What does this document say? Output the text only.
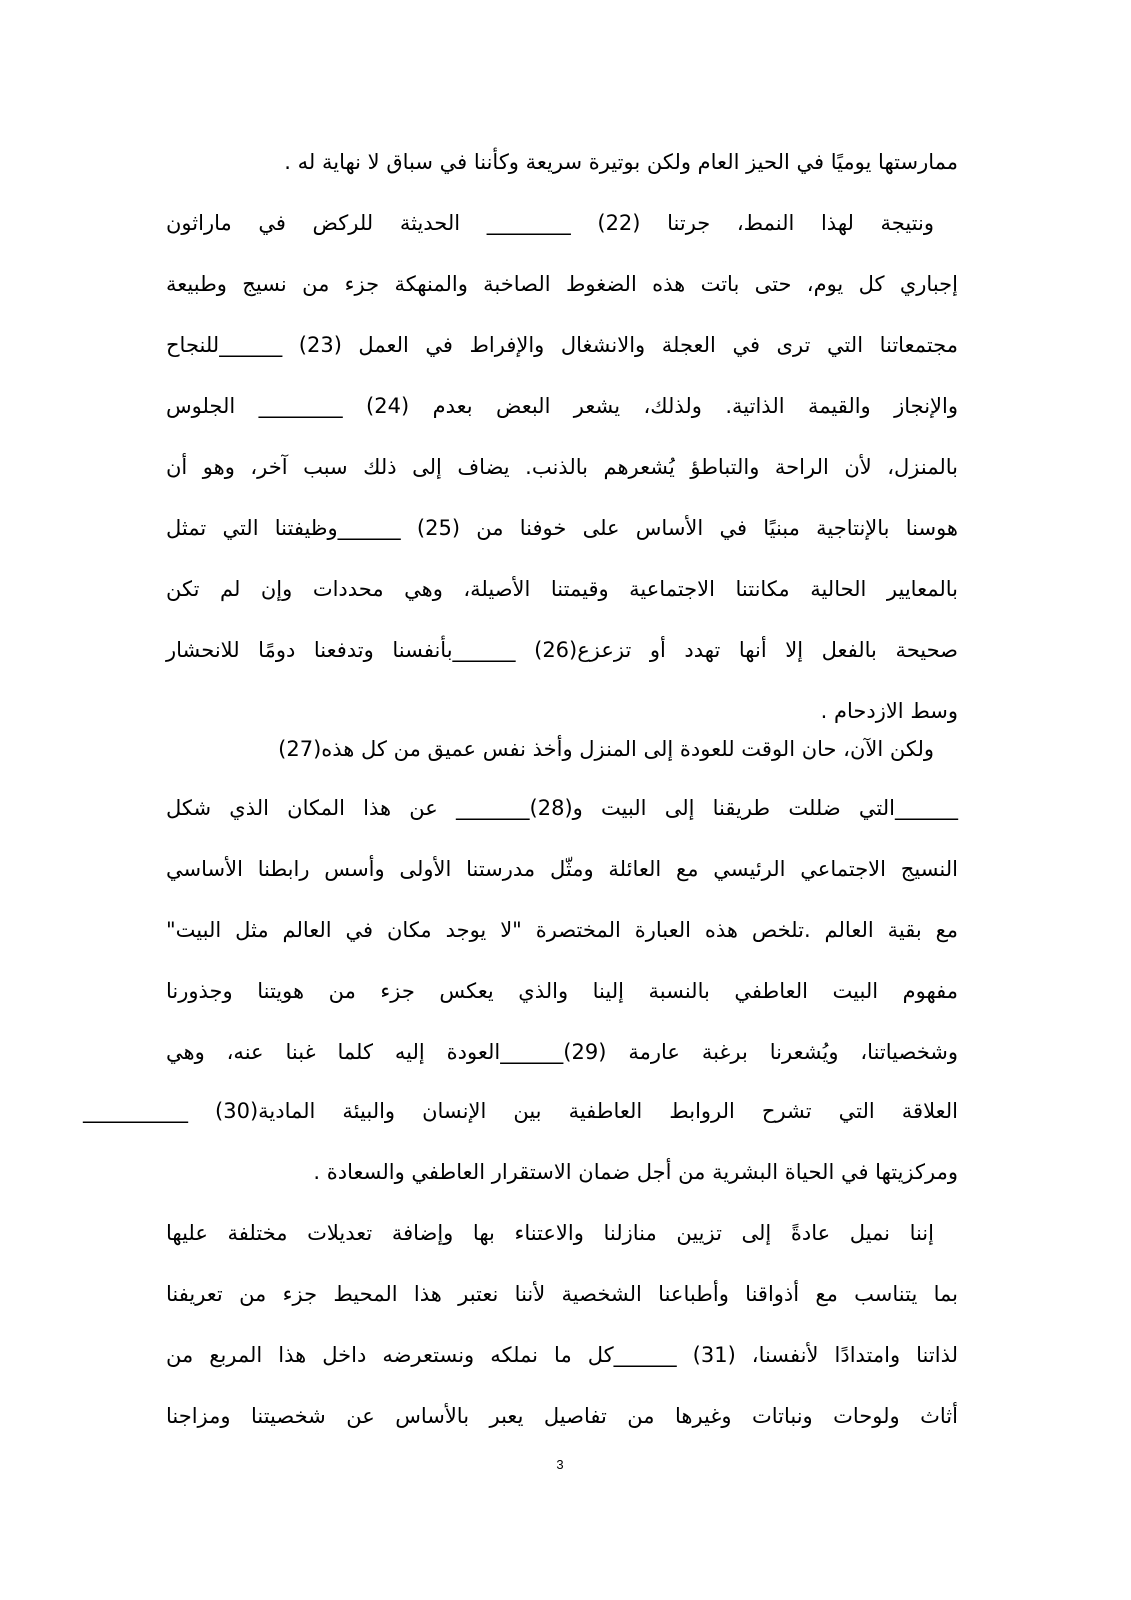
ممارستها يوميًا في الحيز العام ولكن بوتيرة سريعة وكأننا في سباق لا نهاية له .
ونتيجة لهذا النمط، جرتنا (22) ________ الحديثة للركض في ماراثون
إجباري كل يوم، حتى باتت هذه الضغوط الصاخبة والمنهكة جزء من نسيج وطبيعة
مجتمعاتنا التي ترى في العجلة والانشغال والإفراط في العمل (23) ______للنجاح
والإنجاز والقيمة الذاتية. ولذلك، يشعر البعض بعدم (24) ________ الجلوس
بالمنزل، لأن الراحة والتباطؤ يُشعرهم بالذنب. يضاف إلى ذلك سبب آخر، وهو أن
هوسنا بالإنتاجية مبنيًا في الأساس على خوفنا من (25) ______وظيفتنا التي تمثل
بالمعايير الحالية مكانتنا الاجتماعية وقيمتنا الأصيلة، وهي محددات وإن لم تكن
صحيحة بالفعل إلا أنها تهدد أو تزعزع(26) ______بأنفسنا وتدفعنا دومًا للانحشار
وسط الازدحام .
ولكن الآن، حان الوقت للعودة إلى المنزل وأخذ نفس عميق من كل هذه(27)
______التي ضللت طريقنا إلى البيت و(28)_______ عن هذا المكان الذي شكل
النسيج الاجتماعي الرئيسي مع العائلة ومثّل مدرستنا الأولى وأسس رابطنا الأساسي
مع بقية العالم .تلخص هذه العبارة المختصرة "لا يوجد مكان في العالم مثل البيت"
مفهوم البيت العاطفي بالنسبة إلينا والذي يعكس جزء من هويتنا وجذورنا
وشخصياتنا، ويُشعرنا برغبة عارمة (29)______العودة إليه كلما غبنا عنه، وهي
العلاقة التي تشرح الروابط العاطفية بين الإنسان والبيئة المادية(30) __________
ومركزيتها في الحياة البشرية من أجل ضمان الاستقرار العاطفي والسعادة .
إننا نميل عادةً إلى تزيين منازلنا والاعتناء بها وإضافة تعديلات مختلفة عليها
بما يتناسب مع أذواقنا وأطباعنا الشخصية لأننا نعتبر هذا المحيط جزء من تعريفنا
لذاتنا وامتدادًا لأنفسنا، (31) ______كل ما نملكه ونستعرضه داخل هذا المربع من
أثاث ولوحات ونباتات وغيرها من تفاصيل يعبر بالأساس عن شخصيتنا ومزاجنا
3
